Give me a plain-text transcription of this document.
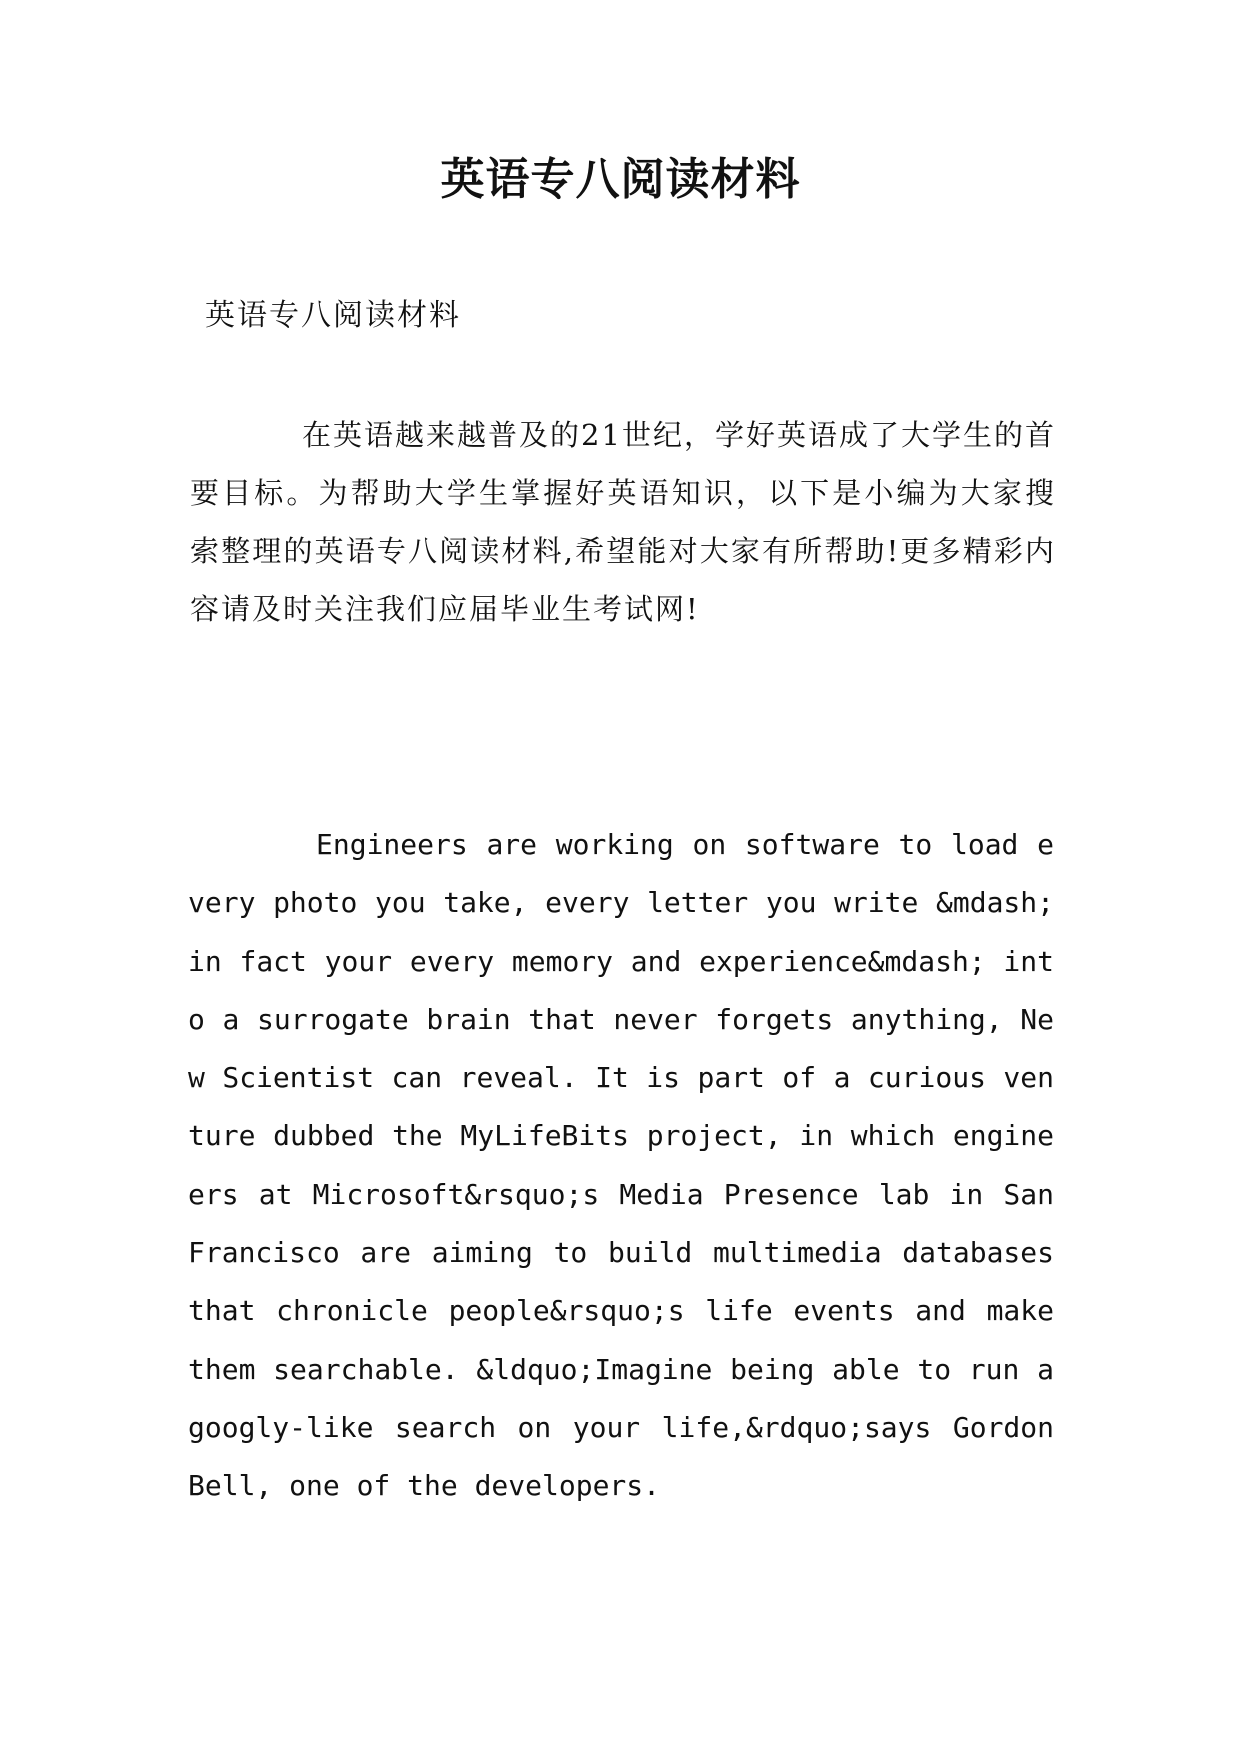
英语专八阅读材料

英语专八阅读材料

在英语越来越普及的21世纪，学好英语成了大学生的首要目标。为帮助大学生掌握好英语知识，以下是小编为大家搜索整理的英语专八阅读材料,希望能对大家有所帮助!更多精彩内容请及时关注我们应届毕业生考试网!

Engineers are working on software to load every photo you take, every letter you write &mdash; in fact your every memory and experience&mdash; into a surrogate brain that never forgets anything, New Scientist can reveal. It is part of a curious venture dubbed the MyLifeBits project, in which engineers at Microsoft&rsquo;s Media Presence lab in San Francisco are aiming to build multimedia databases that chronicle people&rsquo;s life events and make them searchable. &ldquo;Imagine being able to run a googly-like search on your life,&rdquo;says Gordon Bell, one of the developers.
